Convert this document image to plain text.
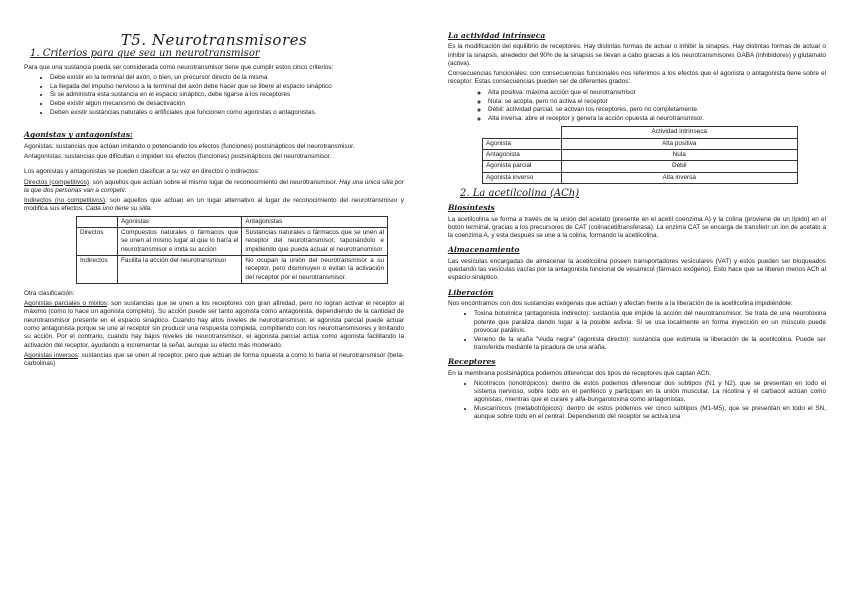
T5. Neurotransmisores
1. Criterios para que sea un neurotransmisor

Para que una sustancia pueda ser considerada como neurotransmisor tiene que cumplir estos cinco criterios:

• Debe existir en la terminal del axón, o bien, un precursor directo de la misma
• La llegada del impulso nervioso a la terminal del axón debe hacer que se libere al espacio sináptico
• Si se administra esta sustancia en el espacio sináptico, debe ligarse a los receptores
• Debe existir algún mecanismo de desactivación
• Deben existir sustancias naturales o artificiales que funcionen como agonistas o antagonistas.
Agonistas y antagonistas:

Agonistas: sustancias que actúan imitando o potenciando los efectos (funciones) postsinápticos del neurotransmisor.

Antagonistas: sustancias que dificultan o impiden los efectos (funciones) postsinápticos del neurotransmisor.

Los agonistas y antagonistas se pueden clasificar a su vez en directos o indirectos:

Directos (competitivos): son aquellos que actúan sobre el mismo lugar de reconocimiento del neurotransmisor. Hay una única silla por la que dos personas van a competir.

Indirectos (no competitivos): son aquellos que actúan en un lugar alternativo al lugar de reconocimiento del neurotransmisor y modifica sus efectos. Cada uno tiene su silla.

	Agonistas	Antagonistas
Directos	Compuestos naturales o fármacos que se unen al mismo lugar al que lo haría el neurotransmisor e imita su acción	Sustancias naturales o fármacos que se unen al receptor del neurotransmisor, taponándolo e impidiendo que pueda actuar el neurotransmisor
Indirectos	Facilita la acción del neurotransmisor	No ocupan la unión del neurotransmisor a su receptor, pero disminuyen o evitan la activación del receptor por el neurotransmisor.

Otra clasificación:

Agonistas parciales o mixtos: son sustancias que se unen a los receptores con gran afinidad, pero no logran activar el receptor al máximo (como lo hace un agonista completo). Su acción puede ser tanto agonista como antagonista, dependiendo de la cantidad de neurotransmisor presente en el espacio sináptico. Cuando hay altos niveles de neurotransmisor, el agonista parcial puede actuar como antagonista porque se une al receptor sin producir una respuesta completa, compitiendo con los neurotransmisores y limitando su acción. Por el contrario, cuando hay bajos niveles de neurotransmisor, el agonista parcial actúa como agonista facilitando la activación del receptor, ayudando a incrementar la señal, aunque su efecto más moderado.

Agonistas inversos: sustancias que se unen al receptor, pero que actúan de forma opuesta a como lo haría el neurotransmisor (beta-carbolinas)

La actividad intrínseca

Es la modificación del equilibrio de receptores. Hay distintas formas de actuar o inhibir la sinapsis. Hay distintas formas de actuar o inhibir la sinapsis, alrededor del 90% de la sinapsis se llevan a cabo gracias a los neurotransmisores GABA (inhibidores) y glutamato (activa).

Consecuencias funcionales: con consecuencias funcionales nos referimos a los efectos que el agonista o antagonista tiene sobre el receptor. Estas consecuencias pueden ser de diferentes grados:

◦ Alta positiva: máxima acción que el neurotransmisor
◦ Nula: se acopla, pero no activa el receptor
◦ Débil: actividad parcial, se activan los receptores, pero no completamente.
◦ Alta inversa: abre el receptor y genera la acción opuesta al neurotransmisor.
	Actividad intrínseca
Agonista	Alta positiva
Antagonista	Nula
Agonista parcial	Débil
Agonista inverso	Alta inversa
2. La acetilcolina (ACh)
Biosíntesis

La acetilcolina se forma a través de la unión del acetato (presente en el acetil coenzima A) y la colina (proviene de un lípido) en el botón terminal, gracias a los precursores de CAT (colinacetiltransferasa). La enzima CAT se encarga de transferir un ion de acetato a la coenzima A, y esta después se une a la colina, formando la acetilcolina.

Almacenamiento

Las vesículas encargadas de almacenar la acetilcolina poseen transportadores vesiculares (VAT) y estos pueden ser bloqueados quedando las vesículas vacías por la antagonista funcional de vesamicol (fármaco exógeno). Esto hace que se liberen menos ACh al espacio sináptico.

Liberación

Nos encontramos con dos sustancias exógenas que actúan y afectan frente a la liberación de la acetilcolina impidiéndole:

• Toxina botulínica (antagonista indirecto): sustancia que impide la acción del neurotransmisor. Se trata de una neurotoxina potente que paraliza dando lugar a la posible asfixia. Si se usa localmente en forma inyección en un músculo puede provocar parálisis.
• Veneno de la araña "viuda negra" (agonista directo): sustancia que estimula la liberación de la acetilcolina. Puede ser transferida mediante la picadura de una araña.
Receptores

En la membrana postsináptica podemos diferenciar dos tipos de receptores que captan ACh:

• Nicotínicos (ionotrópicos): dentro de estos podemos diferenciar dos subtipos (N1 y N2), que se presentan en todo el sistema nervioso, sobre todo en el periférico y participan en la unión muscular. La nicotina y el carbacol actúan como agonistas, mientras que el curare y alfa-bungarotoxina como antagonistas.
• Muscarínicos (metabotrópicos): dentro de estos podemos ver cinco subtipos (M1-M5), que se presentan en todo el SN, aunque sobre todo en el central. Dependiendo del receptor se activa una
